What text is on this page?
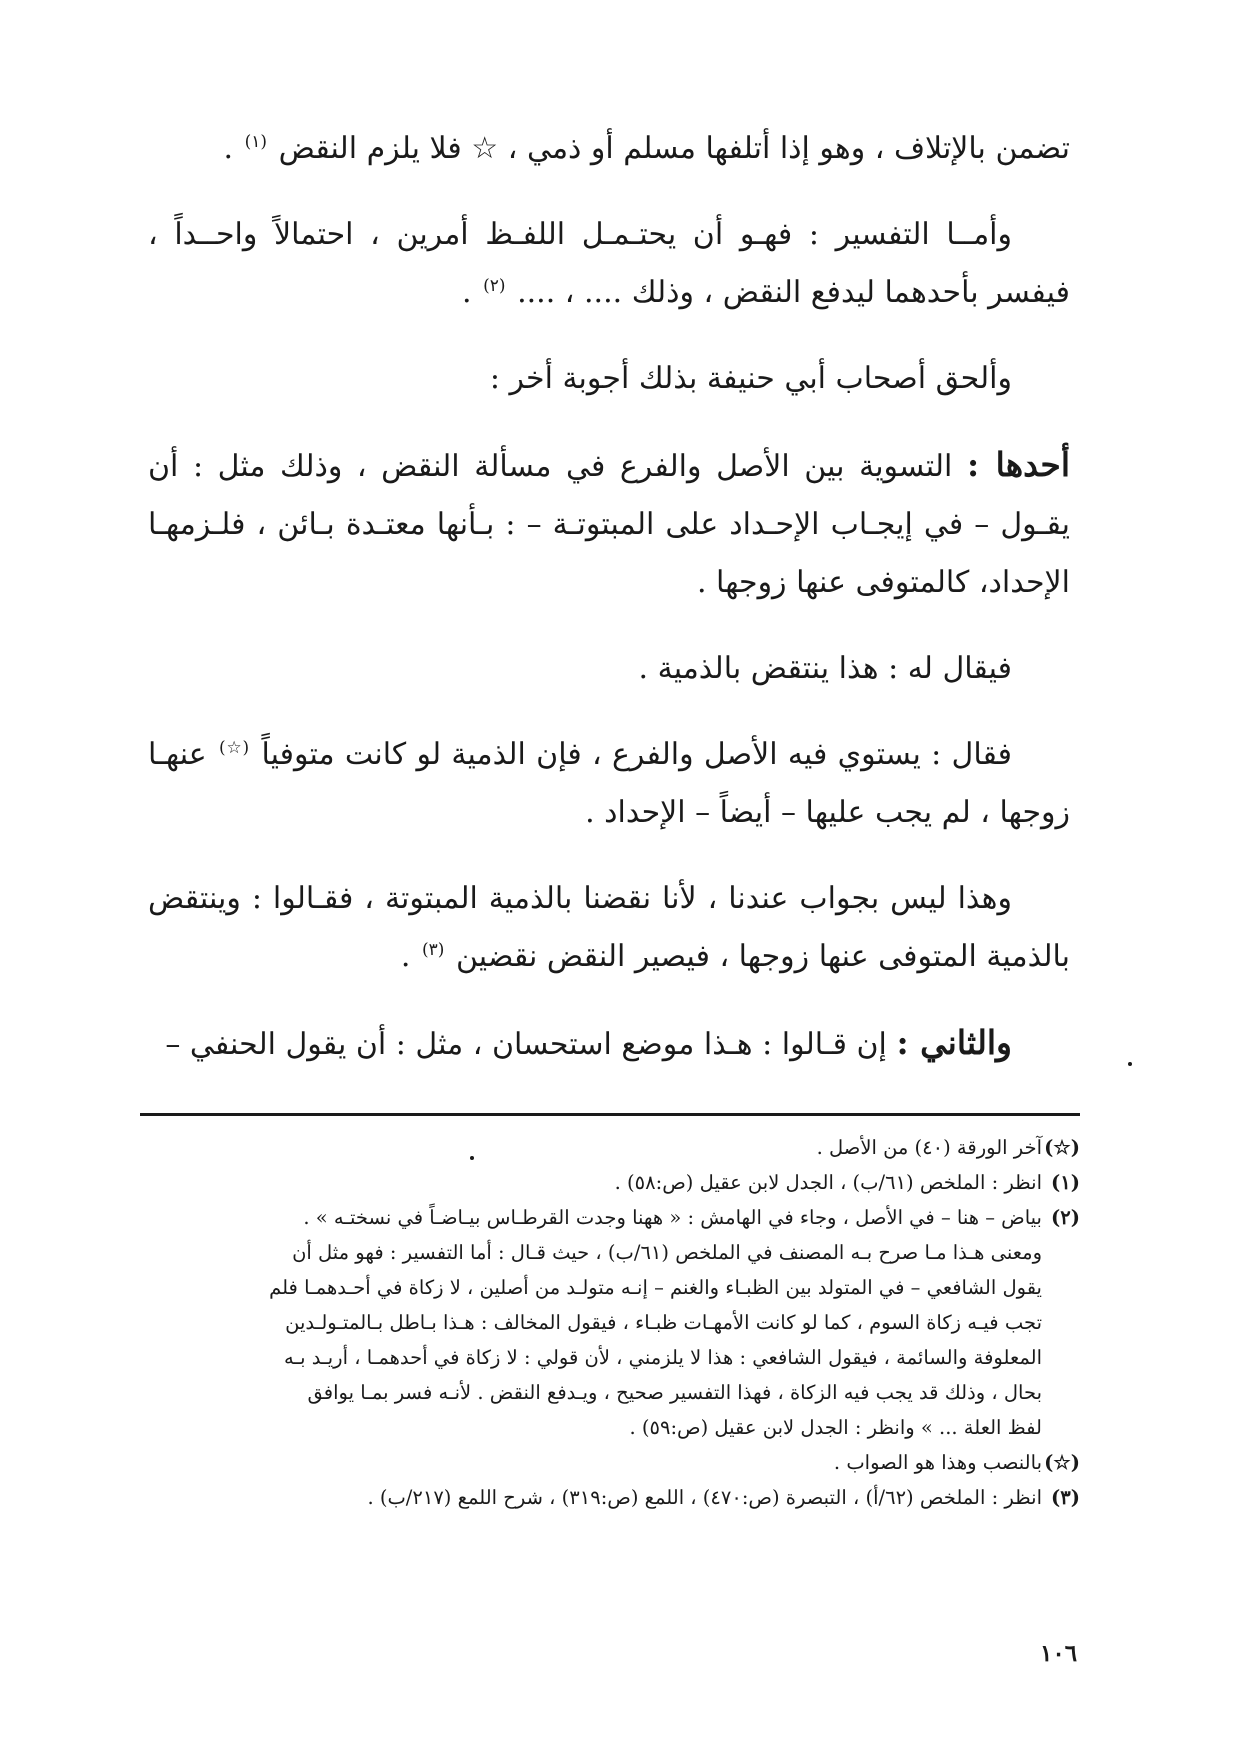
تضمن بالإتلاف ، وهو إذا أتلفها مسلم أو ذمي ، ☆ فلا يلزم النقض $^{(١)}$ .

وأمــا التفسير : فهـو أن يحتـمـل اللفـظ أمرين ، احتمالاً واحــداً ، فيفسر بأحدهما ليدفع النقض ، وذلك .... ، .... $^{(٢)}$ .

وألحق أصحاب أبي حنيفة بذلك أجوبة أخر :

أحدها : التسوية بين الأصل والفرع في مسألة النقض ، وذلك مثل : أن يقـول – في إيجـاب الإحـداد على المبتوتـة – : بـأنها معتـدة بـائن ، فلـزمهـا الإحداد، كالمتوفى عنها زوجها .

فيقال له : هذا ينتقض بالذمية .

فقال : يستوي فيه الأصل والفرع ، فإن الذمية لو كانت متوفياً (☆) عنهـا زوجها ، لم يجب عليها – أيضاً – الإحداد .

وهذا ليس بجواب عندنا ، لأنا نقضنا بالذمية المبتوتة ، فقـالوا : وينتقض بالذمية المتوفى عنها زوجها ، فيصير النقض نقضين $^{(٣)}$ .

والثاني : إن قـالوا : هـذا موضع استحسان ، مثل : أن يقول الحنفي –

(☆)
آخر الورقة (٤٠) من الأصل .
(١)
انظر : الملخص (٦١/ب) ، الجدل لابن عقيل (ص:٥٨) .
(٢)
بياض – هنا – في الأصل ، وجاء في الهامش : « ههنا وجدت القرطـاس بيـاضـاً في نسختـه » .
ومعنى هـذا مـا صرح بـه المصنف في الملخص (٦١/ب) ، حيث قـال : أما التفسير : فهو مثل أن
يقول الشافعي – في المتولد بين الظبـاء والغنم – إنـه متولـد من أصلين ، لا زكاة في أحـدهمـا فلم
تجب فيـه زكاة السوم ، كما لو كانت الأمهـات ظبـاء ، فيقول المخالف : هـذا بـاطل بـالمتـولـدين
المعلوفة والسائمة ، فيقول الشافعي : هذا لا يلزمني ، لأن قولي : لا زكاة في أحدهمـا ، أريـد بـه
بحال ، وذلك قد يجب فيه الزكاة ، فهذا التفسير صحيح ، ويـدفع النقض . لأنـه فسر بمـا يوافق
لفظ العلة ... » وانظر : الجدل لابن عقيل (ص:٥٩) .
(☆)
بالنصب وهذا هو الصواب .
(٣)
انظر : الملخص (٦٢/أ) ، التبصرة (ص:٤٧٠) ، اللمع (ص:٣١٩) ، شرح اللمع (٢١٧/ب) .
١٠٦
